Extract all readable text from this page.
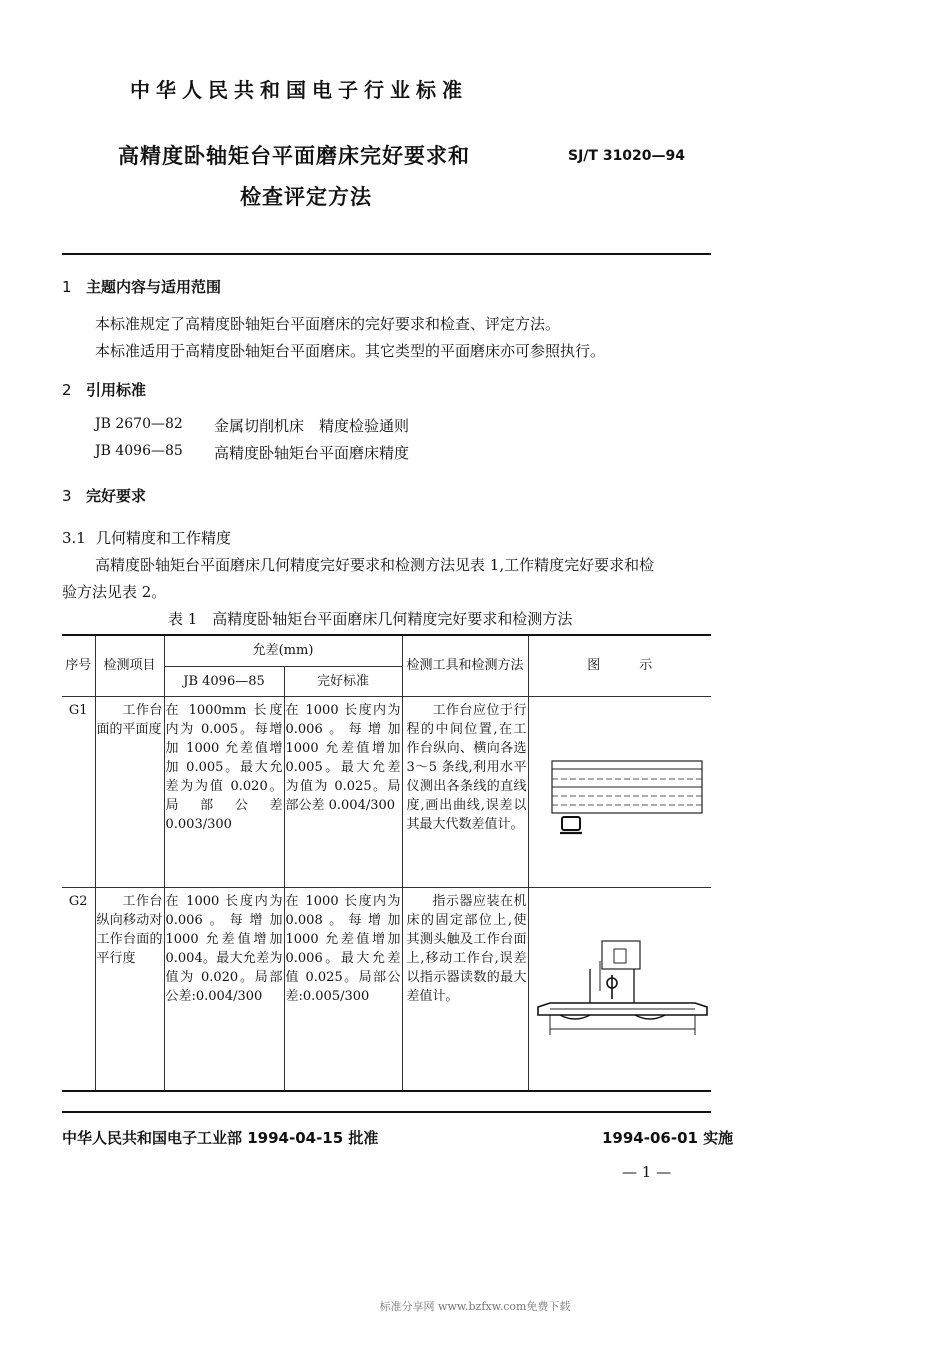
中华人民共和国电子行业标准
高精度卧轴矩台平面磨床完好要求和
检查评定方法
SJ/T 31020—94
1 主题内容与适用范围
本标准规定了高精度卧轴矩台平面磨床的完好要求和检查、评定方法。
本标准适用于高精度卧轴矩台平面磨床。其它类型的平面磨床亦可参照执行。
2 引用标准
JB 2670—82 金属切削机床　精度检验通则
JB 4096—85 高精度卧轴矩台平面磨床精度
3 完好要求
3.1 几何精度和工作精度
高精度卧轴矩台平面磨床几何精度完好要求和检测方法见表 1,工作精度完好要求和检
验方法见表 2。
表 1　高精度卧轴矩台平面磨床几何精度完好要求和检测方法
序号	检测项目	允差(mm)		检测工具和检测方法	图　　　示
		JB 4096—85	完好标准		
G1	工作台面的平面度	在 1000mm 长度内为 0.005。每增加 1000 允差值增加 0.005。最大允差为为值 0.020。局部公差 0.003/300	在 1000 长度内为 0.006。每增加 1000 允差值增加 0.005。最大允差为值为 0.025。局部公差 0.004/300	工作台应位于行程的中间位置,在工作台纵向、横向各选 3～5 条线,利用水平仪测出各条线的直线度,画出曲线,误差以其最大代数差值计。	
G2	工作台纵向移动对工作台面的平行度	在 1000 长度内为 0.006。每增加 1000 允差值增加 0.004。最大允差为值为 0.020。局部公差:0.004/300	在 1000 长度内为 0.008。每增加 1000 允差值增加 0.006。最大允差值 0.025。局部公差:0.005/300	指示器应装在机床的固定部位上,使其测头触及工作台面上,移动工作台,误差以指示器读数的最大差值计。	
中华人民共和国电子工业部 1994-04-15 批准	1994-06-01 实施
— 1 —
标准分享网 www.bzfxw.com免费下载
